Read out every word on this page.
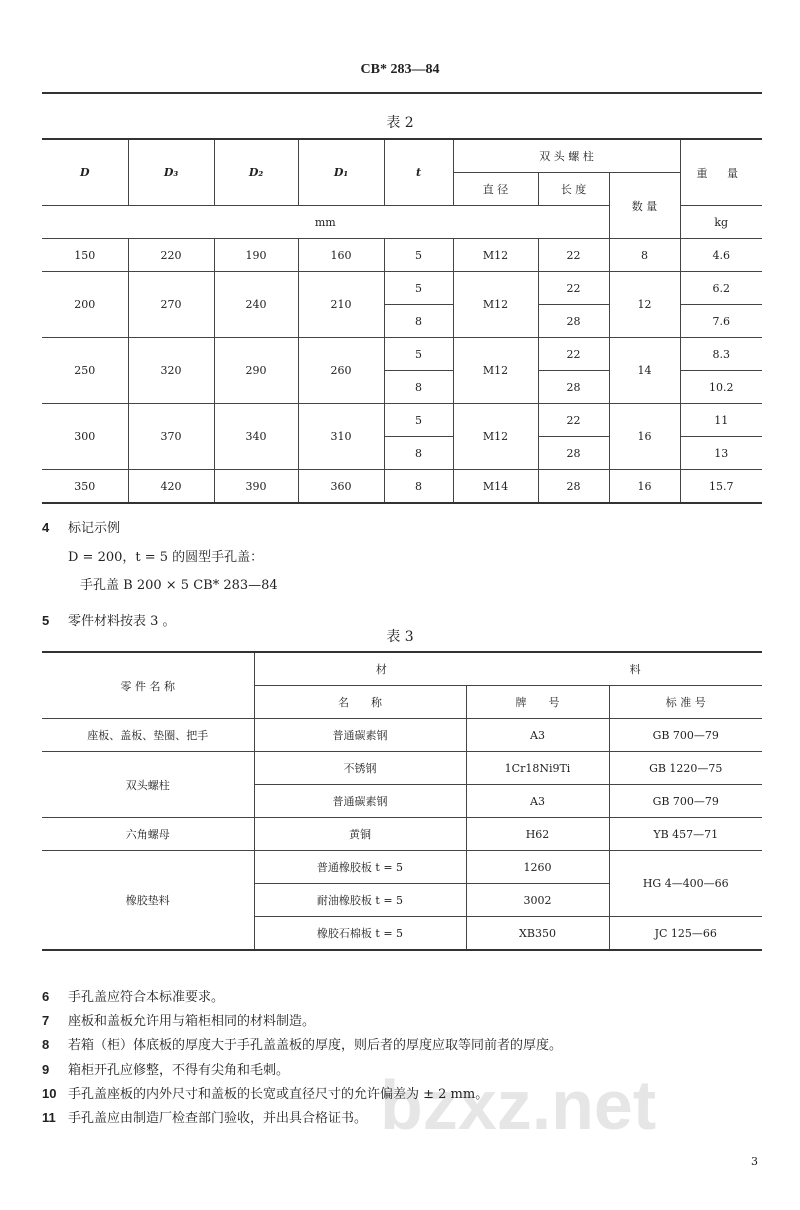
CB* 283—84
表 2
D	D₃	D₂	D₁	t	双 头 螺 柱			重 量
					直 径	长 度	数 量	
mm								kg
150	220	190	160	5	M12	22	8	4.6
200	270	240	210	5	M12	22	12	6.2
				8		28		7.6
250	320	290	260	5	M12	22	14	8.3
				8		28		10.2
300	370	340	310	5	M12	22	16	11
				8		28		13
350	420	390	360	8	M14	28	16	15.7
4 标记示例
D = 200，t = 5 的圆型手孔盖：
手孔盖 B 200 × 5 CB* 283—84
5 零件材料按表 3 。
表 3
零 件 名 称	材 料		
	名　　称	牌　　号	标 准 号
座板、盖板、垫圈、把手	普通碳素钢	A3	GB 700—79
双头螺柱	不锈钢	1Cr18Ni9Ti	GB 1220—75
	普通碳素钢	A3	GB 700—79
六角螺母	黄铜	H62	YB 457—71
橡胶垫料	普通橡胶板 t = 5	1260	HG 4—400—66
	耐油橡胶板 t = 5	3002	
	橡胶石棉板 t = 5	XB350	JC 125—66
bzxz.net
6 手孔盖应符合本标准要求。
7 座板和盖板允许用与箱柜相同的材料制造。
8 若箱（柜）体底板的厚度大于手孔盖盖板的厚度，则后者的厚度应取等同前者的厚度。
9 箱柜开孔应修整，不得有尖角和毛刺。
10 手孔盖座板的内外尺寸和盖板的长宽或直径尺寸的允许偏差为 ± 2 mm。
11 手孔盖应由制造厂检查部门验收，并出具合格证书。
3
